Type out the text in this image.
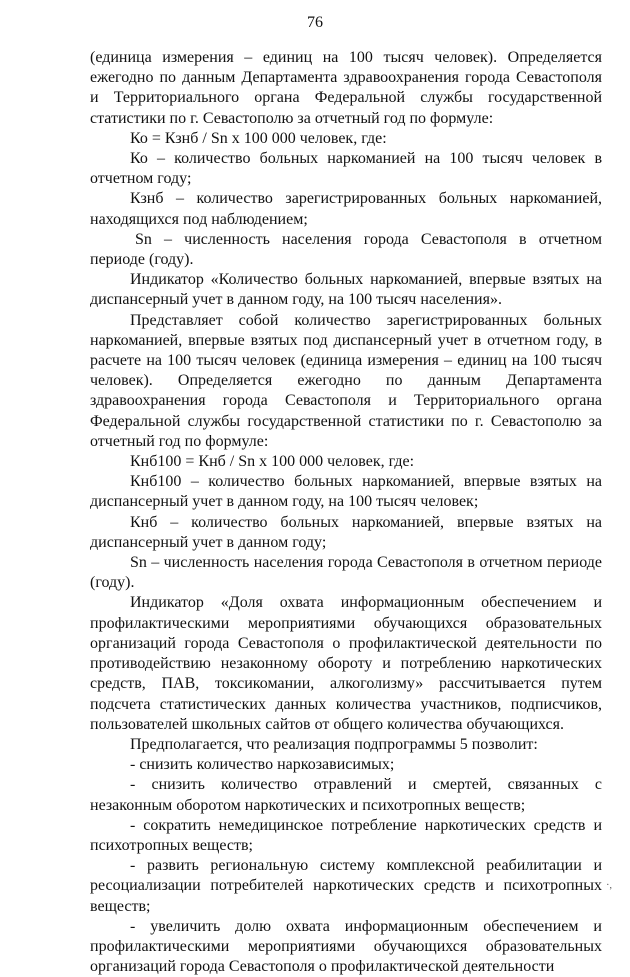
76

(единица измерения – единиц на 100 тысяч человек). Определяется ежегодно по данным Департамента здравоохранения города Севастополя и Территориального органа Федеральной службы государственной статистики по г. Севастополю за отчетный год по формуле:

Ко = Кзнб / Sn х 100 000 человек, где:

Ко – количество больных наркоманией на 100 тысяч человек в отчетном году;

Кзнб – количество зарегистрированных больных наркоманией, находящихся под наблюдением;

Sn – численность населения города Севастополя в отчетном периоде (году).

Индикатор «Количество больных наркоманией, впервые взятых на диспансерный учет в данном году, на 100 тысяч населения».

Представляет собой количество зарегистрированных больных наркоманией, впервые взятых под диспансерный учет в отчетном году, в расчете на 100 тысяч человек (единица измерения – единиц на 100 тысяч человек). Определяется ежегодно по данным Департамента здравоохранения города Севастополя и Территориального органа Федеральной службы государственной статистики по г. Севастополю за отчетный год по формуле:

Кнб100 = Кнб / Sn х 100 000 человек, где:

Кнб100 – количество больных наркоманией, впервые взятых на диспансерный учет в данном году, на 100 тысяч человек;

Кнб – количество больных наркоманией, впервые взятых на диспансерный учет в данном году;

Sn – численность населения города Севастополя в отчетном периоде (году).

Индикатор «Доля охвата информационным обеспечением и профилактическими мероприятиями обучающихся образовательных организаций города Севастополя о профилактической деятельности по противодействию незаконному обороту и потреблению наркотических средств, ПАВ, токсикомании, алкоголизму» рассчитывается путем подсчета статистических данных количества участников, подписчиков, пользователей школьных сайтов от общего количества обучающихся.

Предполагается, что реализация подпрограммы 5 позволит:

- снизить количество наркозависимых;

- снизить количество отравлений и смертей, связанных с незаконным оборотом наркотических и психотропных веществ;

- сократить немедицинское потребление наркотических средств и психотропных веществ;

- развить региональную систему комплексной реабилитации и ресоциализации потребителей наркотических средств и психотропных веществ;

- увеличить долю охвата информационным обеспечением и профилактическими мероприятиями обучающихся образовательных организаций города Севастополя о профилактической деятельности

·,
